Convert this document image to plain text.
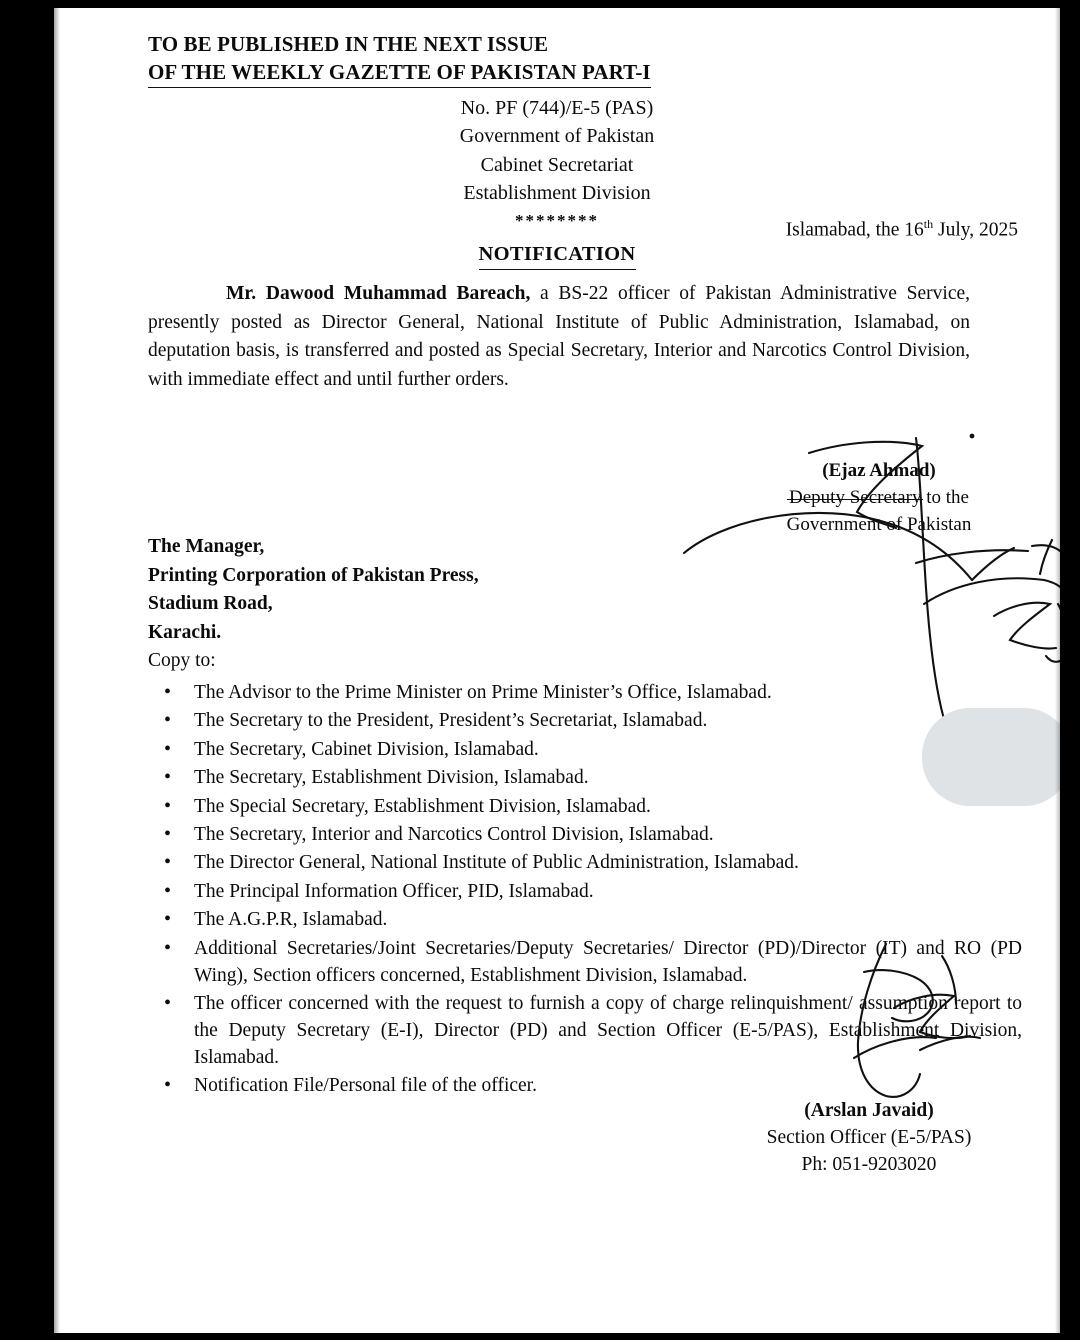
TO BE PUBLISHED IN THE NEXT ISSUE
OF THE WEEKLY GAZETTE OF PAKISTAN PART-I
No. PF (744)/E-5 (PAS)
Government of Pakistan
Cabinet Secretariat
Establishment Division
********	Islamabad, the 16th July, 2025
NOTIFICATION
Mr. Dawood Muhammad Bareach, a BS-22 officer of Pakistan Administrative Service, presently posted as Director General, National Institute of Public Administration, Islamabad, on deputation basis, is transferred and posted as Special Secretary, Interior and Narcotics Control Division, with immediate effect and until further orders.
(Ejaz Ahmad)
Deputy Secretary to the
Government of Pakistan
The Manager,
Printing Corporation of Pakistan Press,
Stadium Road,
Karachi.
Copy to:
• The Advisor to the Prime Minister on Prime Minister’s Office, Islamabad.
• The Secretary to the President, President’s Secretariat, Islamabad.
• The Secretary, Cabinet Division, Islamabad.
• The Secretary, Establishment Division, Islamabad.
• The Special Secretary, Establishment Division, Islamabad.
• The Secretary, Interior and Narcotics Control Division, Islamabad.
• The Director General, National Institute of Public Administration, Islamabad.
• The Principal Information Officer, PID, Islamabad.
• The A.G.P.R, Islamabad.
• Additional Secretaries/Joint Secretaries/Deputy Secretaries/ Director (PD)/Director (IT) and RO (PD Wing), Section officers concerned, Establishment Division, Islamabad.
• The officer concerned with the request to furnish a copy of charge relinquishment/ assumption report to the Deputy Secretary (E-I), Director (PD) and Section Officer (E-5/PAS), Establishment Division, Islamabad.
• Notification File/Personal file of the officer.
(Arslan Javaid)
Section Officer (E-5/PAS)
Ph: 051-9203020
